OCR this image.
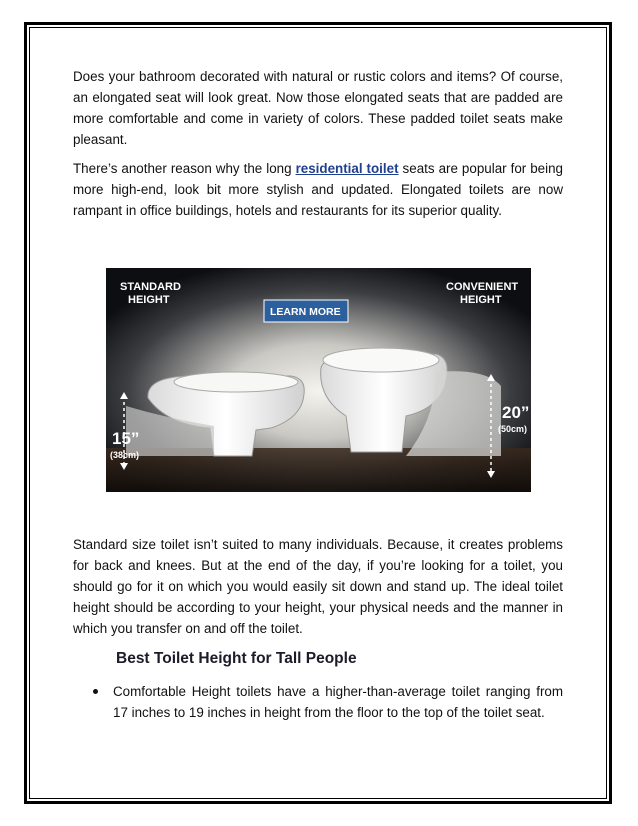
Does your bathroom decorated with natural or rustic colors and items? Of course, an elongated seat will look great. Now those elongated seats that are padded are more comfortable and come in variety of colors. These padded toilet seats make pleasant.

There’s another reason why the long residential toilet seats are popular for being more high-end, look bit more stylish and updated. Elongated toilets are now rampant in office buildings, hotels and restaurants for its superior quality.

STANDARD
HEIGHT
CONVENIENT
HEIGHT
LEARN MORE
15”
(38cm)
20”
(50cm)

Standard size toilet isn’t suited to many individuals. Because, it creates problems for back and knees. But at the end of the day, if you’re looking for a toilet, you should go for it on which you would easily sit down and stand up. The ideal toilet height should be according to your height, your physical needs and the manner in which you transfer on and off the toilet.

Best Toilet Height for Tall People
Comfortable Height toilets have a higher-than-average toilet ranging from 17 inches to 19 inches in height from the floor to the top of the toilet seat.
